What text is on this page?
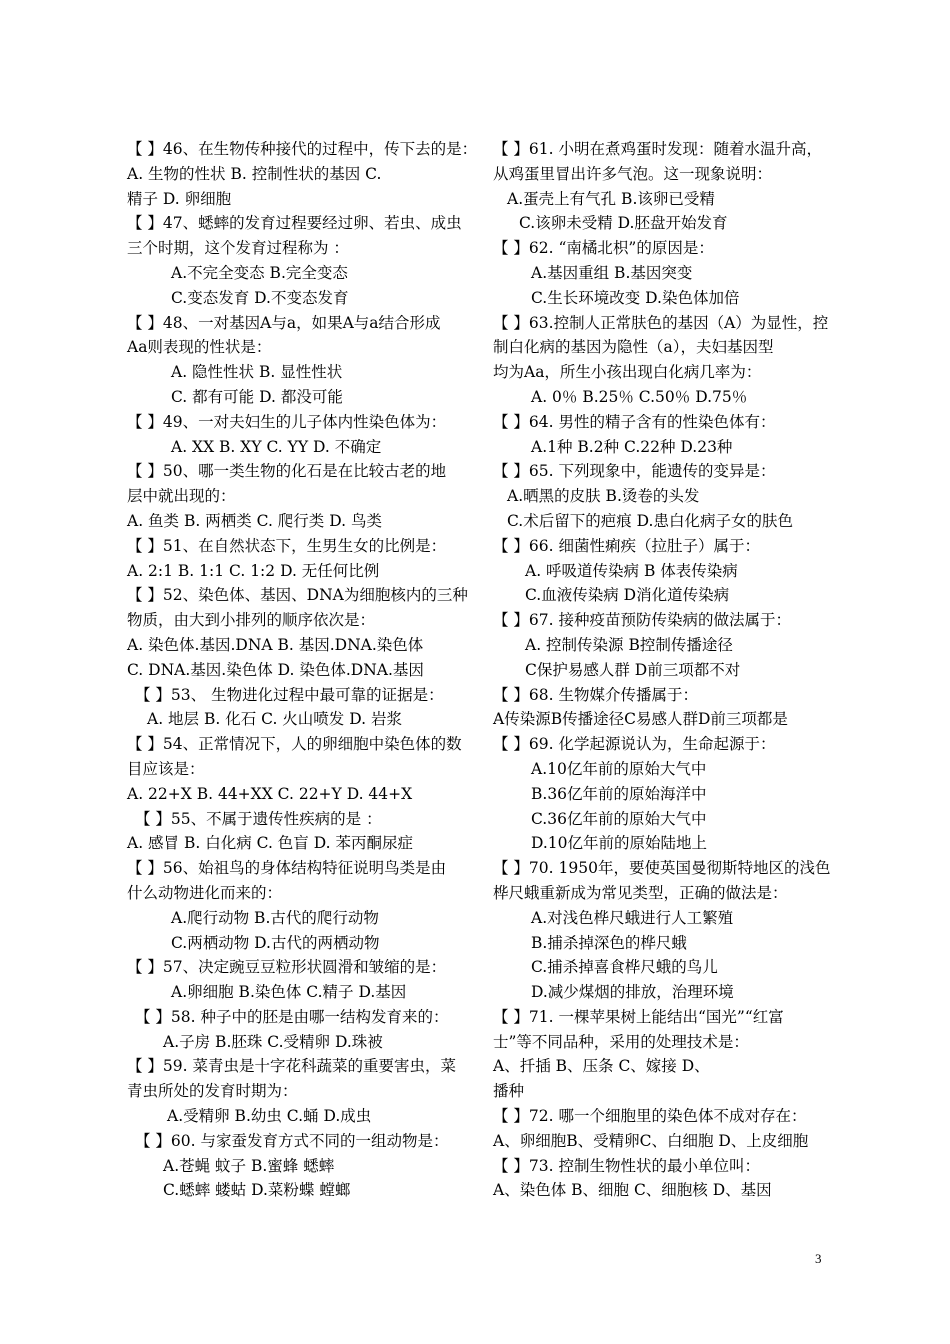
【 】46、在生物传种接代的过程中，传下去的是：
A. 生物的性状 B. 控制性状的基因 C.
精子 D. 卵细胞
【 】47、蟋蟀的发育过程要经过卵、若虫、成虫
三个时期，这个发育过程称为 ：
A.不完全变态 B.完全变态
C.变态发育 D.不变态发育
【 】48、一对基因A与a，如果A与a结合形成
Aa则表现的性状是：
A. 隐性性状 B. 显性性状
C. 都有可能 D. 都没可能
【 】49、一对夫妇生的儿子体内性染色体为：
A. XX B. XY C. YY D. 不确定
【 】50、哪一类生物的化石是在比较古老的地
层中就出现的：
A. 鱼类 B. 两栖类 C. 爬行类 D. 鸟类
【 】51、在自然状态下，生男生女的比例是：
A. 2:1 B. 1:1 C. 1:2 D. 无任何比例
【 】52、染色体、基因、DNA为细胞核内的三种
物质，由大到小排列的顺序依次是：
A. 染色体.基因.DNA B. 基因.DNA.染色体
C. DNA.基因.染色体 D. 染色体.DNA.基因
【 】53、 生物进化过程中最可靠的证据是：
A. 地层 B. 化石 C. 火山喷发 D. 岩浆
【 】54、正常情况下，人的卵细胞中染色体的数
目应该是：
A. 22+X B. 44+XX C. 22+Y D. 44+X
【 】55、不属于遗传性疾病的是 ：
A. 感冒 B. 白化病 C. 色盲 D. 苯丙酮尿症
【 】56、始祖鸟的身体结构特征说明鸟类是由
什么动物进化而来的：
A.爬行动物 B.古代的爬行动物
C.两栖动物 D.古代的两栖动物
【 】57、决定豌豆豆粒形状圆滑和皱缩的是：
A.卵细胞 B.染色体 C.精子 D.基因
【 】58. 种子中的胚是由哪一结构发育来的：
A.子房 B.胚珠 C.受精卵 D.珠被
【 】59. 菜青虫是十字花科蔬菜的重要害虫，菜
青虫所处的发育时期为：
A.受精卵 B.幼虫 C.蛹 D.成虫
【 】60. 与家蚕发育方式不同的一组动物是：
A.苍蝇 蚊子 B.蜜蜂 蟋蟀
C.蟋蟀 蝼蛄 D.菜粉蝶 螳螂
【 】61. 小明在煮鸡蛋时发现：随着水温升高，
从鸡蛋里冒出许多气泡。这一现象说明：
A.蛋壳上有气孔 B.该卵已受精
C.该卵未受精 D.胚盘开始发育
【 】62. “南橘北枳”的原因是：
A.基因重组 B.基因突变
C.生长环境改变 D.染色体加倍
【 】63.控制人正常肤色的基因（A）为显性，控
制白化病的基因为隐性（a），夫妇基因型
均为Aa，所生小孩出现白化病几率为：
A. 0％ B.25％ C.50％ D.75％
【 】64. 男性的精子含有的性染色体有：
A.1种 B.2种 C.22种 D.23种
【 】65. 下列现象中，能遗传的变异是：
A.晒黑的皮肤 B.烫卷的头发
C.术后留下的疤痕 D.患白化病子女的肤色
【 】66. 细菌性痢疾（拉肚子）属于：
A. 呼吸道传染病 B 体表传染病
C.血液传染病 D消化道传染病
【 】67. 接种疫苗预防传染病的做法属于：
A. 控制传染源 B控制传播途径
C保护易感人群 D前三项都不对
【 】68. 生物媒介传播属于：
A传染源B传播途径C易感人群D前三项都是
【 】69. 化学起源说认为，生命起源于：
A.10亿年前的原始大气中
B.36亿年前的原始海洋中
C.36亿年前的原始大气中
D.10亿年前的原始陆地上
【 】70. 1950年，要使英国曼彻斯特地区的浅色
桦尺蛾重新成为常见类型，正确的做法是：
A.对浅色桦尺蛾进行人工繁殖
B.捕杀掉深色的桦尺蛾
C.捕杀掉喜食桦尺蛾的鸟儿
D.减少煤烟的排放，治理环境
【 】71. 一棵苹果树上能结出“国光”“红富
士”等不同品种，采用的处理技术是：
A、扦插 B、压条 C、嫁接 D、
播种
【 】72. 哪一个细胞里的染色体不成对存在：
A、卵细胞B、受精卵C、白细胞 D、上皮细胞
【 】73. 控制生物性状的最小单位叫：
A、染色体 B、细胞 C、细胞核 D、基因
3
